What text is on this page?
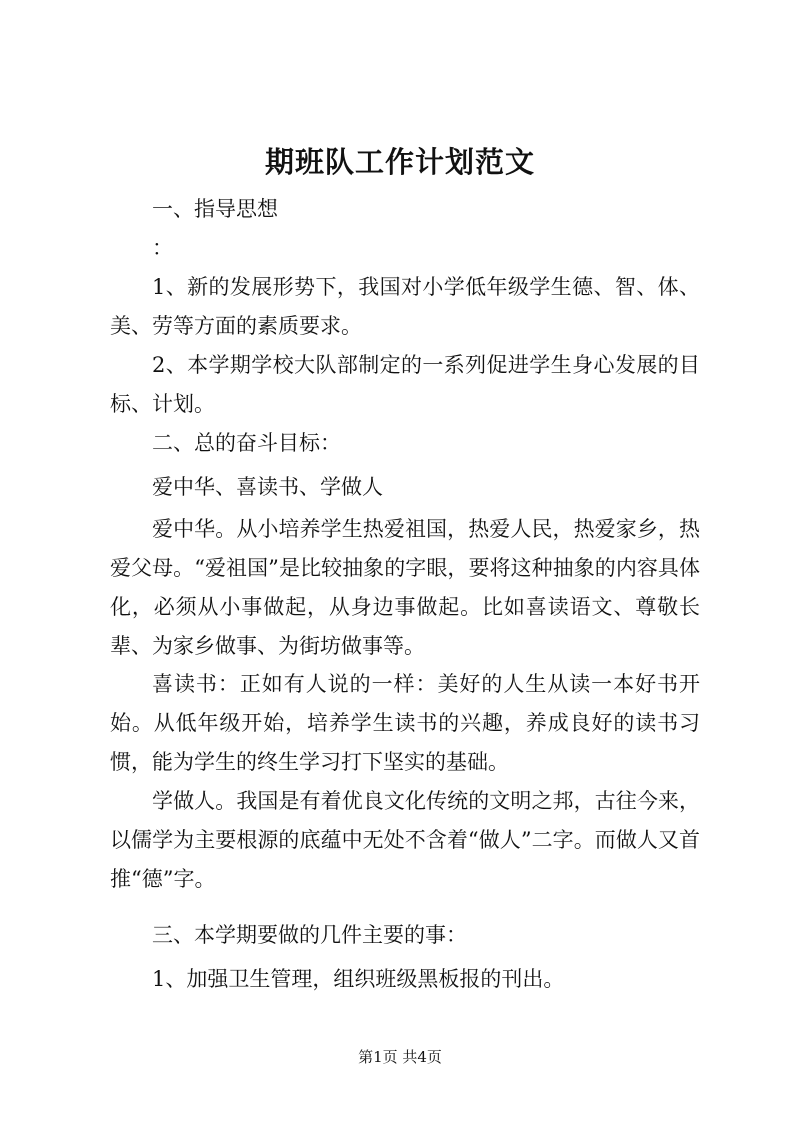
期班队工作计划范文

一、指导思想

：

1、新的发展形势下，我国对小学低年级学生德、智、体、美、劳等方面的素质要求。

2、本学期学校大队部制定的一系列促进学生身心发展的目标、计划。

二、总的奋斗目标：

爱中华、喜读书、学做人

爱中华。从小培养学生热爱祖国，热爱人民，热爱家乡，热爱父母。“爱祖国”是比较抽象的字眼，要将这种抽象的内容具体化，必须从小事做起，从身边事做起。比如喜读语文、尊敬长辈、为家乡做事、为街坊做事等。

喜读书：正如有人说的一样：美好的人生从读一本好书开始。从低年级开始，培养学生读书的兴趣，养成良好的读书习惯，能为学生的终生学习打下坚实的基础。

学做人。我国是有着优良文化传统的文明之邦，古往今来，以儒学为主要根源的底蕴中无处不含着“做人”二字。而做人又首推“德”字。

三、本学期要做的几件主要的事：

1、加强卫生管理，组织班级黑板报的刊出。

第1页 共4页
